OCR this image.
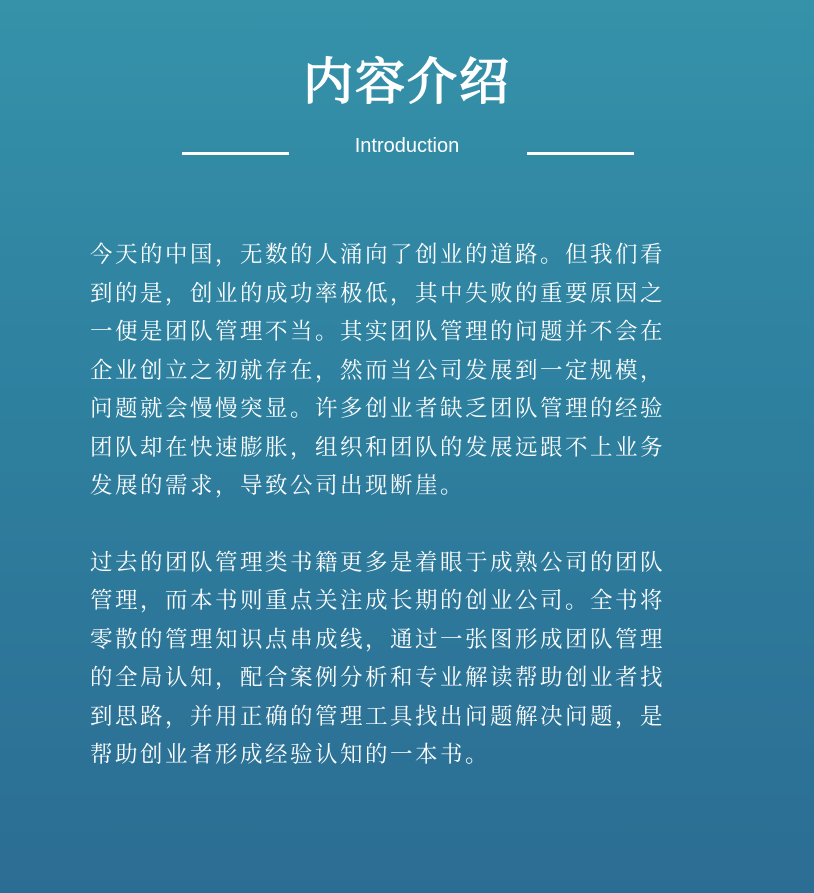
内容介绍
Introduction

今天的中国，无数的人涌向了创业的道路。但我们看
到的是，创业的成功率极低，其中失败的重要原因之
一便是团队管理不当。其实团队管理的问题并不会在
企业创立之初就存在，然而当公司发展到一定规模，
问题就会慢慢突显。许多创业者缺乏团队管理的经验
团队却在快速膨胀，组织和团队的发展远跟不上业务
发展的需求，导致公司出现断崖。

过去的团队管理类书籍更多是着眼于成熟公司的团队
管理，而本书则重点关注成长期的创业公司。全书将
零散的管理知识点串成线，通过一张图形成团队管理
的全局认知，配合案例分析和专业解读帮助创业者找
到思路，并用正确的管理工具找出问题解决问题，是
帮助创业者形成经验认知的一本书。
